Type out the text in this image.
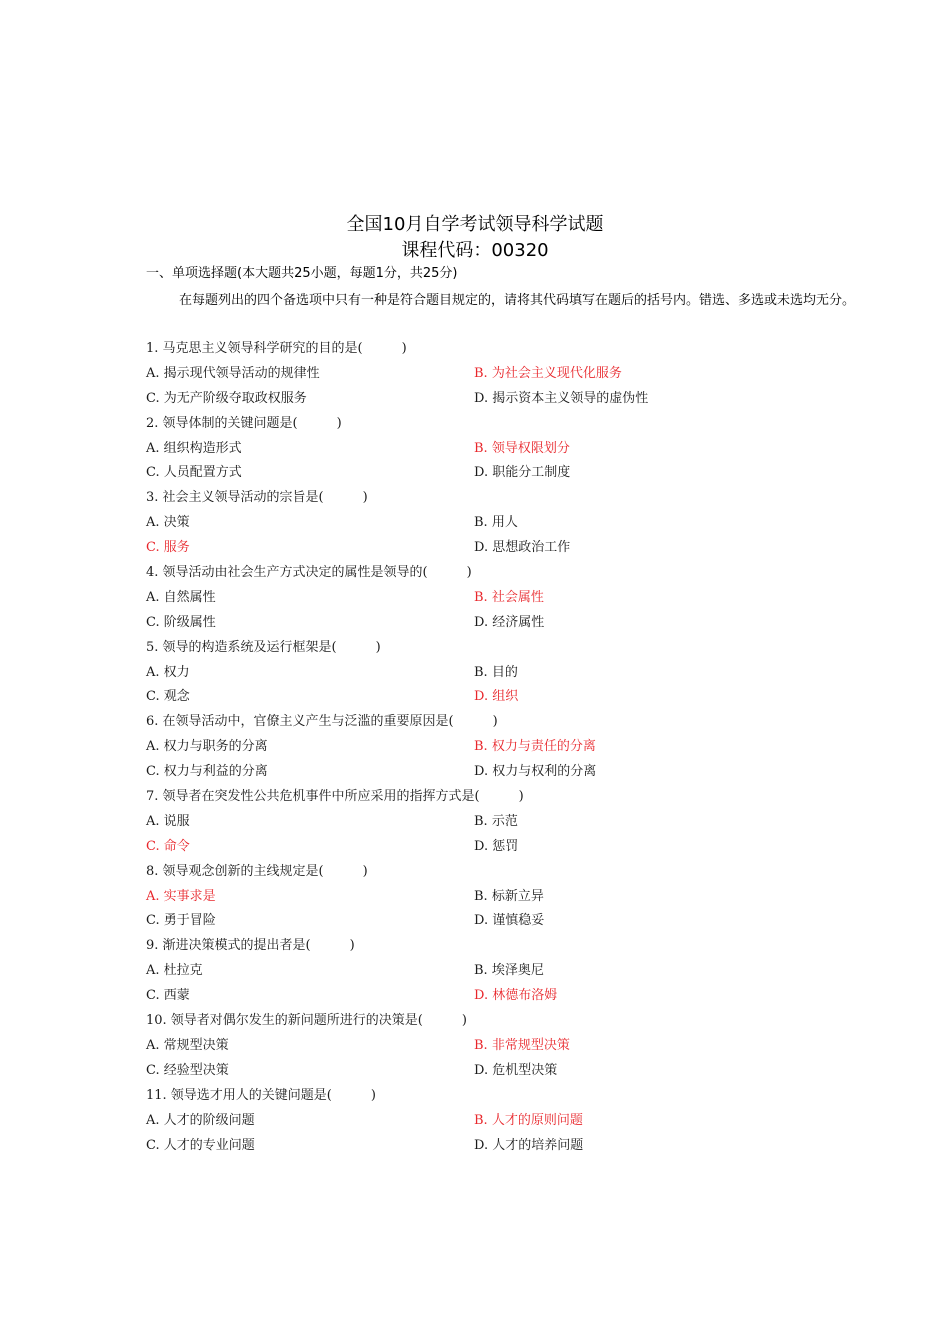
全国10月自学考试领导科学试题
课程代码：00320
一、单项选择题(本大题共25小题，每题1分，共25分)
在每题列出的四个备选项中只有一种是符合题目规定的，请将其代码填写在题后的括号内。错选、多选或未选均无分。
1. 马克思主义领导科学研究的目的是(　　　)
A. 揭示现代领导活动的规律性	B. 为社会主义现代化服务
C. 为无产阶级夺取政权服务	D. 揭示资本主义领导的虚伪性
2. 领导体制的关键问题是(　　　)
A. 组织构造形式	B. 领导权限划分
C. 人员配置方式	D. 职能分工制度
3. 社会主义领导活动的宗旨是(　　　)
A. 决策	B. 用人
C. 服务	D. 思想政治工作
4. 领导活动由社会生产方式决定的属性是领导的(　　　)
A. 自然属性	B. 社会属性
C. 阶级属性	D. 经济属性
5. 领导的构造系统及运行框架是(　　　)
A. 权力	B. 目的
C. 观念	D. 组织
6. 在领导活动中，官僚主义产生与泛滥的重要原因是(　　　)
A. 权力与职务的分离	B. 权力与责任的分离
C. 权力与利益的分离	D. 权力与权利的分离
7. 领导者在突发性公共危机事件中所应采用的指挥方式是(　　　)
A. 说服	B. 示范
C. 命令	D. 惩罚
8. 领导观念创新的主线规定是(　　　)
A. 实事求是	B. 标新立异
C. 勇于冒险	D. 谨慎稳妥
9. 渐进决策模式的提出者是(　　　)
A. 杜拉克	B. 埃泽奥尼
C. 西蒙	D. 林德布洛姆
10. 领导者对偶尔发生的新问题所进行的决策是(　　　)
A. 常规型决策	B. 非常规型决策
C. 经验型决策	D. 危机型决策
11. 领导选才用人的关键问题是(　　　)
A. 人才的阶级问题	B. 人才的原则问题
C. 人才的专业问题	D. 人才的培养问题
